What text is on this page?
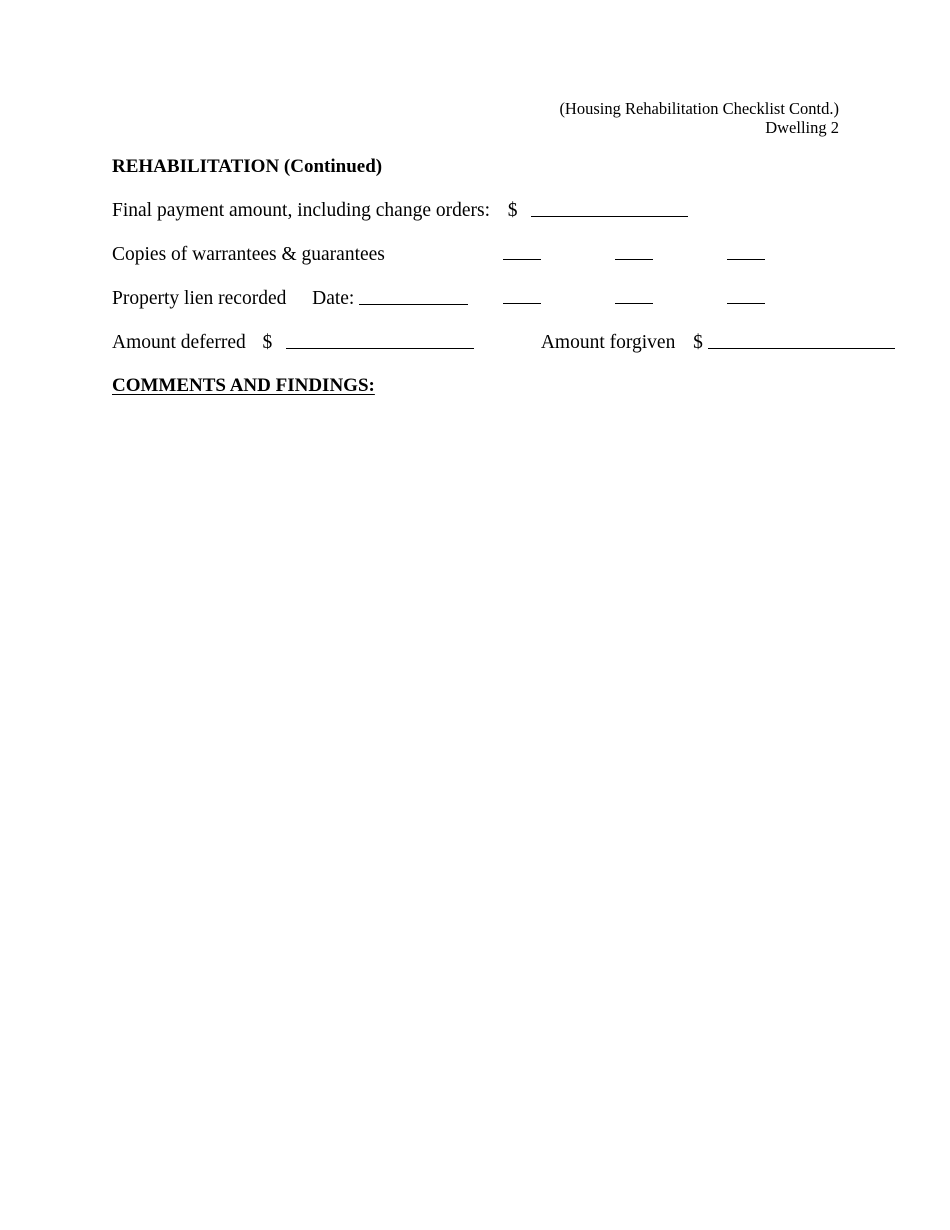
(Housing Rehabilitation Checklist Contd.)
Dwelling 2
REHABILITATION (Continued)
Final payment amount, including change orders: $
Copies of warrantees & guarantees
Property lien recorded Date:
Amount deferred $	Amount forgiven $
COMMENTS AND FINDINGS:
